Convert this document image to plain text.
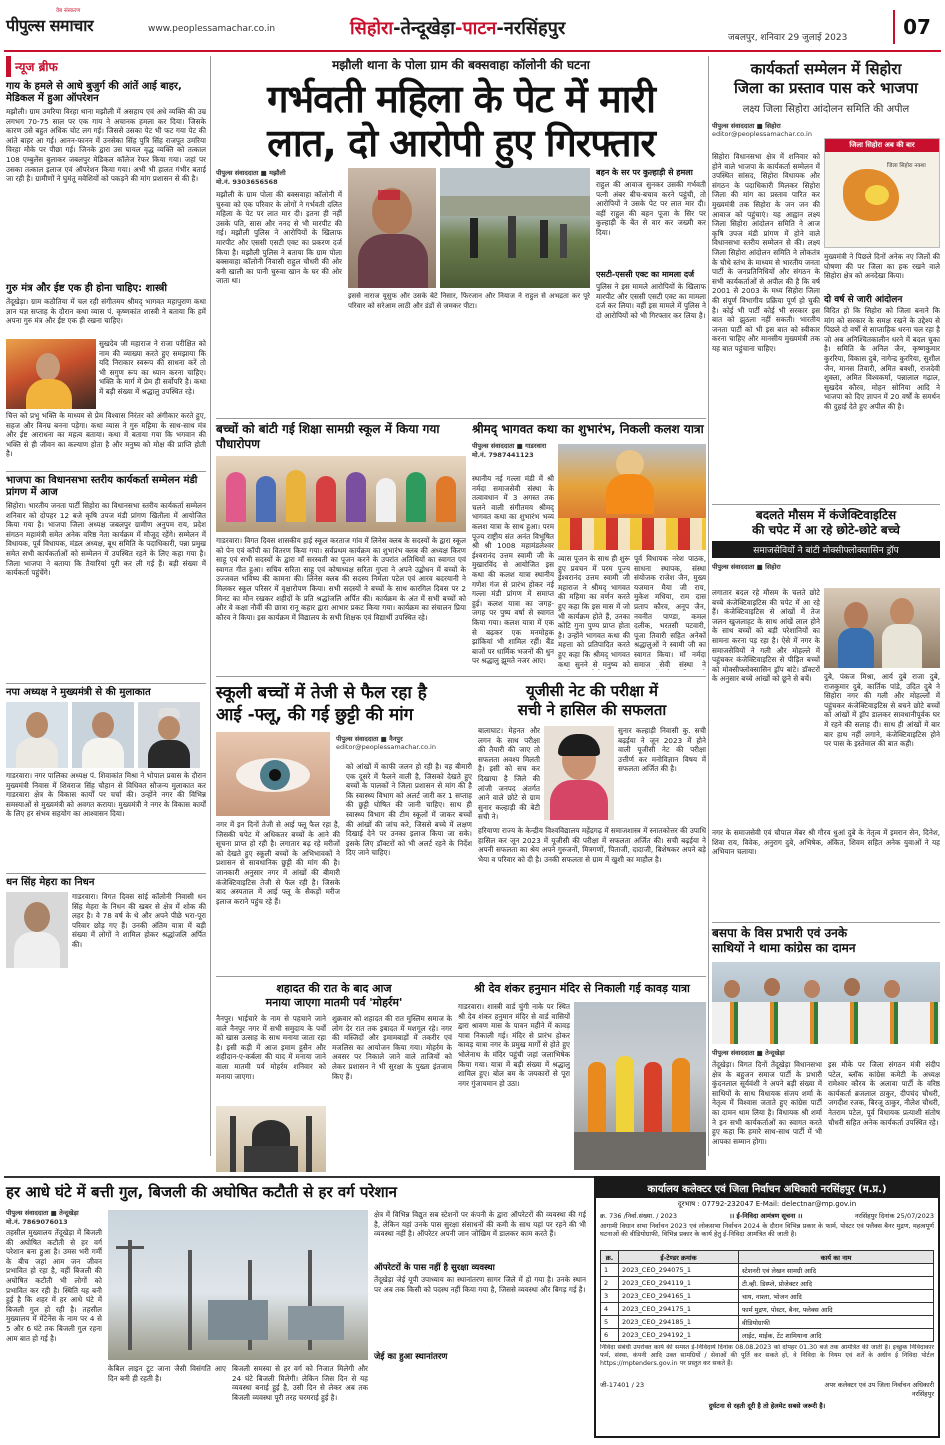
वेब संस्करण
पीपुल्स समाचार	www.peoplessamachar.co.in	सिहोरा-तेन्दूखेड़ा-पाटन-नरसिंहपुर	जबलपुर, शनिवार 29 जुलाई 2023	07
न्यूज ब्रीफ
गाय के हमले से आधे बुजुर्ग की आंतें आई बाहर, मेडिकल में हुआ ऑपरेशन
मझौली। ग्राम उमरिया विरहा थाना मझौली में असहाय एवं अधे व्यक्ति की उम्र लगभग 70-75 साल पर एक गाय ने अचानक हमला कर दिया। जिसके कारण उसे बहुत अधिक चोट लग गई। जिससे उसका पेट भी फट गया पेट की आंते बाहर आ गई। आनन-फानन में उनसेका सिंह पुत्रि सिंह राजपूत उमरिया विरहा मौके पर पीछा गई। जिनके द्वारा उस घायल वृद्ध व्यक्ति को तत्काल 108 एम्बुलेंस बुलाकर जबलपुर मेडिकल कॉलेज रेफर किया गया। जहां पर उसका तत्काल इलाज एवं ऑपरेशन किया गया। अभी भी हालत गंभीर बताई जा रही है। ग्रामीणों ने घुमंतू मवेशियों को पकड़ने की मांग प्रशासन से की है।
गुरु मंत्र और ईष्ट एक ही होना चाहिए: शास्त्री
तेंदूखेड़ा। ग्राम कठौतिया में चल रही संगीतमय श्रीमद् भागवत महापुराण कथा ज्ञान यज्ञ सप्ताह के दौरान कथा व्यास पं. कृष्णकांत शास्त्री ने बताया कि हमें अपना गुरु मंत्र और ईष्ट एक ही रखना चाहिए।
सुखदेव जी महाराज ने राजा परीक्षित को नाम की व्याख्या करते हुए समझाया कि यदि निराकार स्वरूप की साधना करें तो भी सगुण रूप का ध्यान करना चाहिए। भक्ति के मार्ग में प्रेम ही सर्वोपरि है। कथा में बड़ी संख्या में श्रद्धालु उपस्थित रहे।
चित्त को प्रभु भक्ति के माध्यम से प्रेम विश्वास निरंतर को अंगीकार करते हुए, सहज और विनम्र बनना पड़ेगा। कथा व्यास ने गुरु महिमा के साथ-साथ मंत्र और ईष्ट आराधना का महत्व बताया। कथा में बताया गया कि भगवान की भक्ति से ही जीवन का कल्याण होता है और मनुष्य को मोक्ष की प्राप्ति होती है।
भाजपा का विधानसभा स्तरीय कार्यकर्ता सम्मेलन मंडी प्रांगण में आज
सिहोरा। भारतीय जनता पार्टी सिहोरा का विधानसभा स्तरीय कार्यकर्ता सम्मेलन शनिवार को दोपहर 12 बजे कृषि उपज मंडी प्रांगण खितौला में आयोजित किया गया है। भाजपा जिला अध्यक्ष जबलपुर ग्रामीण अनुपम राय, प्रदेश संगठन महामंत्री समेत अनेक वरिष्ठ नेता कार्यक्रम में मौजूद रहेंगे। सम्मेलन में विधायक, पूर्व विधायक, मंडल अध्यक्ष, बूथ समिति के पदाधिकारी, पन्ना प्रमुख समेत सभी कार्यकर्ताओं को सम्मेलन में उपस्थित रहने के लिए कहा गया है। जिला भाजपा ने बताया कि तैयारियां पूरी कर ली गई हैं। बड़ी संख्या में कार्यकर्ता पहुंचेंगे।
नपा अध्यक्ष ने मुख्यमंत्री से की मुलाकात
गाडरवारा। नगर पालिका अध्यक्ष पं. शिवाकांत मिश्रा ने भोपाल प्रवास के दौरान मुख्यमंत्री निवास में शिवराज सिंह चौहान से विधिवत सौजन्य मुलाकात कर गाडरवारा क्षेत्र के विकास कार्यों पर चर्चा की। उन्होंने नगर की विभिन्न समस्याओं से मुख्यमंत्री को अवगत कराया। मुख्यमंत्री ने नगर के विकास कार्यों के लिए हर संभव सहयोग का आश्वासन दिया।
धन सिंह मेहरा का निधन
गाडरवारा। विगत दिवस सांई कॉलोनी निवासी धन सिंह मेहरा के निधन की खबर से क्षेत्र में शोक की लहर है। वे 78 वर्ष के थे और अपने पीछे भरा-पूरा परिवार छोड़ गए हैं। उनकी अंतिम यात्रा में बड़ी संख्या में लोगों ने शामिल होकर श्रद्धांजलि अर्पित की।
मझौली थाना के पोला ग्राम की बक्सवाहा कॉलोनी की घटना
गर्भवती महिला के पेट में मारी
लात, दो आरोपी हुए गिरफ्तार
पीपुल्स संवाददाता ■ मझौली
मो.नं. 9303656568
मझौली के ग्राम पोला की बक्सवाहा कॉलोनी में चुरुवा को एक परिवार के लोगों ने गर्भवती दलित महिला के पेट पर लात मार दी। इतना ही नहीं उसके पति, सास और ननद से भी मारपीट की गई। मझौली पुलिस ने आरोपियों के खिलाफ मारपीट और एससी एसटी एक्ट का प्रकरण दर्ज किया है। मझौली पुलिस ने बताया कि ग्राम पोला बक्सवाहा कॉलोनी निवासी राहुल चौधरी की ओर बनी खाली का पानी चुरुवा खान के घर की ओर जाता था।
इससे नाराज यूसुफ और उसके बेटे निसार, फिरजान और नियाज ने राहुल से अभद्रता कर पूरे परिवार को सरेआम लाठी और डंडों से जमकर पीटा।
बहन के सर पर कुल्हाड़ी से हमला
राहुल की आवाज सुनकर उसकी गर्भवती पत्नी अंबर बीच-बचाव करने पहुंची, तो आरोपियों ने उसके पेट पर लात मार दी। वहीं राहुल की बहन पूजा के सिर पर कुल्हाड़ी के बेंत से वार कर जख्मी कर दिया।
एसटी-एससी एक्ट का मामला दर्ज
पुलिस ने इस मामले आरोपियों के खिलाफ मारपीट और एससी एसटी एक्ट का मामला दर्ज कर लिया। वहीं इस मामले में पुलिस ने दो आरोपियों को भी गिरफ्तार कर लिया है।
कार्यकर्ता सम्मेलन में सिहोरा
जिला का प्रस्ताव पास करे भाजपा
लक्ष्य जिला सिहोरा आंदोलन समिति की अपील
पीपुल्स संवाददाता ■ सिहोरा
editor@peoplessamachar.co.in
सिहोरा विधानसभा क्षेत्र में शनिवार को होने वाले भाजपा के कार्यकर्ता सम्मेलन में उपस्थित सांसद, सिहोरा विधायक और संगठन के पदाधिकारी मिलकर सिहोरा जिला की मांग का प्रस्ताव पारित कर मुख्यमंत्री तक सिहोरा के जन जन की आवाज को पहुंचाएं। यह आह्वान लक्ष्य जिला सिहोरा आंदोलन समिति ने आज कृषि उपज मंडी प्रांगण में होने वाले विधानसभा स्तरीय सम्मेलन से की। लक्ष्य जिला सिहोरा आंदोलन समिति ने लोकतंत्र के चौथे स्तंभ के माध्यम से भारतीय जनता पार्टी के जनप्रतिनिधियों और संगठन के सभी कार्यकर्ताओं से अपील की है कि वर्ष 2001 से 2003 के मध्य सिहोरा जिला की संपूर्ण विभागीय प्रक्रिया पूर्ण हो चुकी है। कोई भी पार्टी कोई भी सरकार इस बात को झुठला नहीं सकती। भारतीय जनता पार्टी को भी इस बात को स्वीकार करना चाहिए और मानसीय मुख्यमंत्री तक यह बात पहुंचाना चाहिए।
जिला सिहोरा अब की बार
जिला सिहोरा नक्शा
मुख्यमंत्री ने पिछले दिनों अनेक नए जिलों की घोषणा की पर जिला का हक रखने वाले सिहोरा क्षेत्र को अनदेखा किया।
दो वर्ष से जारी आंदोलन
विदित हो कि सिहोरा को जिला बनाने कि मांग को सरकार के समक्ष रखने के उद्देश्य से पिछले दो वर्षों से साप्ताहिक धरना चल रहा है जो अब अनिश्चितकालीन धरने में बदल चुका है। समिति के अनिल जैन, कृष्णकुमार कुररिया, विकास दुबे, नागेन्द्र कुररिया, सुशील जैन, मानस तिवारी, अमित बक्शी, राजदेवी शुक्ला, अमित विश्वकर्मा, पन्नालाल गढ़ाल, सुखदेव कौरव, मोहन सोनिया आदि ने भाजपा को दिए ज्ञापन में 20 वर्षों के समर्थन की दुहाई देते हुए अपील की है।
बच्चों को बांटी गई शिक्षा सामग्री स्कूल में किया गया पौधारोपण
गाडरवारा। विगत दिवस शासकीय हाई स्कूल करताज गांव में लिनेस क्लब के सदस्यों के द्वारा स्कूल को पेन एवं कॉपी का वितरण किया गया। सर्वप्रथम कार्यक्रम का शुभारंभ क्लब की अध्यक्ष किरण साहू एवं सभी सदस्यों के द्वारा माँ सरस्वती का पूजन करने के उपरांत अतिथियों का स्वागत एवं स्वागत गीत हुआ। सचिव सरिता साहू एवं कोषाध्यक्ष सरिता गुप्ता ने अपने उद्बोधन में बच्चों के उज्जवल भविष्य की कामना की। लिनेस क्लब की सदस्य निर्मला पटेल एवं आरव बदरयानी ने मिलकर स्कूल परिसर में वृक्षारोपण किया। सभी सदस्यों ने बच्चों के साथ कारगिल दिवस पर 2 मिनट का मौन रखकर शहीदों के प्रति श्रद्धांजलि अर्पित की। कार्यक्रम के अंत में सभी बच्चों को और वे कक्षा नौवीं की छात्रा रानू कहार द्वारा आभार प्रकट किया गया। कार्यक्रम का संचालन प्रिया कौरव ने किया। इस कार्यक्रम में विद्यालय के सभी शिक्षक एवं विद्यार्थी उपस्थित रहे।
श्रीमद् भागवत कथा का शुभारंभ, निकली कलश यात्रा
पीपुल्स संवाददाता ■ गाडरवारा
मो.नं. 7987441123
स्थानीय नई गल्ला मंडी में श्री नर्मदा समाजसेवी संस्था के तत्वावधान में 3 अगस्त तक चलने वाली संगीतमय श्रीमद् भागवत कथा का शुभारंभ भव्य कलश यात्रा के साथ हुआ। परम पूज्य राष्ट्रीय संत अनंत विभूषित श्री श्री 1008 महामंडलेश्वर ईश्वरानंद उत्तम स्वामी जी के मुखारविंद से आयोजित इस कथा की कलश यात्रा स्थानीय गणेश गंज से प्रारंभ होकर नई गल्ला मंडी प्रांगण में समाप्त हुई। कलश यात्रा का जगह-जगह पर पुष्प वर्षा से स्वागत किया गया। कलश यात्रा में एक से बढ़कर एक मनमोहक झांकियां भी शामिल रहीं। बैंड बाजों पर धार्मिक भजनों की धुन पर श्रद्धालु झूमते नजर आए।
व्यास पूजन के साथ ही शुरू हुए प्रवचन में परम पूज्य ईश्वरानंद उत्तम स्वामी जी महाराज ने श्रीमद् भागवत की महिमा का वर्णन करते हुए कहा कि इस मास में जो भी कार्यक्रम होते हैं, उनका कोटि गुना पुण्य प्राप्त होता है। उन्होंने भागवत कथा की महत्ता को प्रतिपादित करते हुए कहा कि श्रीमद् भागवत कथा सुनने से मनुष्य को
पूर्व विधायक नरेश पाठक, साधना स्थापक, संस्था संयोजक राजेश जैन, मुख्य यजमान मैया जी राय, मुकेश मधिया, राम दास प्रताप कौरव, अनूप जैन, नवनीत पाण्डा, कमल दलीक, भरतसी पटवारी, पूजा तिवारी सहित अनेकों श्रद्धालुओं ने स्वामी जी का स्वागत किया। माँ नर्मदा समाज सेवी संस्था ने
बदलते मौसम में कंजेक्टिवाइटिस
की चपेट में आ रहे छोटे-छोटे बच्चे
समाजसेवियों ने बांटी मोक्सीफ्लोक्सासिन ड्रॉप
पीपुल्स संवाददाता ■ सिहोरा
लगातार बदल रहे मौसम के चलते छोटे बच्चे कंजेक्टिवाइटिस की चपेट में आ रहे हैं। कंजेक्टिवाइटिस से आंखों में तेज जलन खुजलाहट के साथ आंखें लाल होने के साथ बच्चों को बड़ी परेशानियों का सामना करना पड़ रहा है। ऐसे में नगर के समाजसेवियों ने गली और मोहल्ले में पहुंचकर कंजेक्टिवाइटिस से पीड़ित बच्चों को मोक्सीफ्लोक्सासिन ड्रॉप बांटे। डॉक्टरों के अनुसार बच्चे आंखों को छूने से बचें।	दुबे, पंकज मिश्रा, आर्य दुबे राजा दुबे, राजकुमार दुबे, कार्तिक पांडे, उदित दुबे ने सिहोरा नगर की गली और मोहल्लों में पहुंचकर कंजेक्टिवाइटिस से बचने छोटे बच्चों को आंखों में ड्रॉप डालकर सावधानीपूर्वक घर में रहने की सलाह दी। साथ ही आंखों में बार बार हाथ नहीं लगाने, कंजेक्टिवाइटिस होने पर पास के इस्तेमाल की बात कही।
नगर के समाजसेवी एवं चौपाल मेंबर श्री गौरव धुआं दुबे के नेतृत्व में इमरान सेन, दिनेश, शिवा राय, विवेक, अनुराग दुबे, अभिषेक, अंकित, शिवम सहित अनेक युवाओं ने यह अभियान चलाया।
स्कूली बच्चों में तेजी से फैल रहा है
आई -फ्लू, की गई छुट्टी की मांग
पीपुल्स संवाददाता ■ नैनपुर
editor@peoplessamachar.co.in
नगर में इन दिनों तेजी से आई फ्लू फैल रहा है, जिसकी चपेट में अधिकतर बच्चों के आने की सूचना प्राप्त हो रही है। लगातार बढ़ रहे मरीजों को देखते हुए स्कूली बच्चों के अभिभावकों ने प्रशासन से सावधानिक छुट्टी की मांग की है। जानकारी अनुसार नगर में आंखों की बीमारी कंजेक्टिवाइटिस तेजी से फैल रही है। जिसके बाद अस्पताल में आई फ्लू के सैकड़ों मरीज इलाज कराने पहुंच रहे हैं।
को आंखों में काफी जलन हो रही है। वह बीमारी एक दूसरे में फैलने वाली है, जिसको देखते हुए बच्चों के पालकों ने जिला प्रशासन से मांग की है कि स्वास्थ्य विभाग को अलर्ट जारी कर 1 सप्ताह की छुट्टी घोषित की जानी चाहिए। साथ ही स्वास्थ्य विभाग की टीम स्कूलों में जाकर बच्चों की आंखों की जांच करे, जिससे बच्चे में लक्षण दिखाई देने पर उनका इलाज किया जा सके। इसके लिए डॉक्टरों को भी अलर्ट रहने के निर्देश दिए जाने चाहिए।
यूजीसी नेट की परीक्षा में
सची ने हासिल की सफलता
बालाघाट। मेहनत और लगन के साथ परीक्षा की तैयारी की जाए तो सफलता अवश्य मिलती है। इसी को सच कर दिखाया है जिले की लांजी जनपद अंतर्गत आने वाले छोटे से ग्राम सुनार कल्हाड़ी की बेटी सची ने।
सुनार कल्हाड़ी निवासी कु. सची बढ़ईया ने जून 2023 में होने वाली यूजीसी नेट की परीक्षा उत्तीर्ण कर मनोविज्ञान विषय में सफलता अर्जित की है।
हरियाणा राज्य के केन्द्रीय विश्वविद्यालय महेंद्रगढ़ में समाजशास्त्र में स्नातकोत्तर की उपाधि हासिल कर जून 2023 में यूजीसी की परीक्षा में सफलता अर्जित की। सची बढ़ईया ने अपनी सफलता का श्रेय अपने गुरुजनों, मित्रगणों, पिताजी, दादाजी, बिशेषकर अपने बड़े भैया व परिवार को दी है। उनकी सफलता से ग्राम में खुशी का माहौल है।
बसपा के विस प्रभारी एवं उनके
साथियों ने थामा कांग्रेस का दामन
पीपुल्स संवाददाता ■ तेन्दूखेड़ा
तेंदूखेड़ा। विगत दिनों तेंदूखेड़ा विधानसभा क्षेत्र के बहुजन समाज पार्टी के प्रभारी कुंदनलाल सूर्यवंशी ने अपने बड़ी संख्या में साथियों के साथ विधायक संजय शर्मा के नेतृत्व में विश्वास जताते हुए कांग्रेस पार्टी का दामन थाम लिया है। विधायक श्री शर्मा ने इन सभी कार्यकर्ताओं का स्वागत करते हुए कहा कि हमारे साथ-साथ पार्टी में भी आपका सम्मान होगा।
इस मौके पर जिला संगठन मंत्री संदीप पटेल, ब्लॉक कांग्रेस कमेटी के अध्यक्ष रामेश्वर कौरव के अलावा पार्टी के वरिष्ठ कार्यकर्ता ब्रजलाल ठाकुर, दीपचंद चौधरी, जगदीश रजक, बिरजू ठाकुर, नीलेश चौधरी, नेतराम पटेल, पूर्व विधायक प्रत्याशी संतोष चौधरी सहित अनेक कार्यकर्ता उपस्थित रहे।
शहादत की रात के बाद आज
मनाया जाएगा मातमी पर्व 'मोहर्रम'
नैनपुर। भाईचारे के नाम से पहचाने जाने वाले नैनपुर नगर में सभी समुदाय के पर्वों को खास उत्साह के साथ मनाया जाता रहा है। इसी कड़ी में आज इमाम हुसैन और शहीदान-ए-कर्बला की याद में मनाया जाने वाला मातमी पर्व मोहर्रम शनिवार को मनाया जाएगा।
शुक्रवार को शहादत की रात मुस्लिम समाज के लोग देर रात तक इबादत में मशगूल रहे। नगर की मस्जिदों और इमामबाड़ों में तकरीर एवं मजलिस का आयोजन किया गया। मोहर्रम के अवसर पर निकाले जाने वाले ताजियों को लेकर प्रशासन ने भी सुरक्षा के पुख्ता इंतजाम किए हैं।
श्री देव शंकर हनुमान मंदिर से निकाली गई कावड़ यात्रा
गाडरवारा। शास्त्री वार्ड चुंगी नाके पर स्थित श्री देव शंकर हनुमान मंदिर से वार्ड वासियों द्वारा श्रावण मास के पावन महीने में कावड़ यात्रा निकाली गई। मंदिर से प्रारंभ होकर कावड़ यात्रा नगर के प्रमुख मार्गों से होते हुए भोलेनाथ के मंदिर पहुंची जहां जलाभिषेक किया गया। यात्रा में बड़ी संख्या में श्रद्धालु शामिल हुए। बोल बम के जयकारों से पूरा नगर गुंजायमान हो उठा।
हर आधे घंटे में बत्ती गुल, बिजली की अघोषित कटौती से हर वर्ग परेशान
पीपुल्स संवाददाता ■ तेन्दूखेड़ा
मो.नं. 7869076013
तहसील मुख्यालय तेंदूखेड़ा में बिजली की अघोषित कटौती से हर वर्ग परेशान बना हुआ है। उमस भरी गर्मी के बीच जहां आम जन जीवन प्रभावित हो रहा है, वहीं बिजली की अघोषित कटौती भी लोगों को प्रभावित कर रही है। स्थिति यह बनी हुई है कि शहर में हर आधे घंटे में बिजली गुल हो रही है। तहसील मुख्यालय में मेंटेनेंस के नाम पर 4 से 5 और 6 घंटे तक बिजली गुल रहना आम बात हो गई है।
केबिल लाइन टूट जाना जैसी विसंगति आए दिन बनी ही रहती है।
बिजली समस्या से हर वर्ग को निजात मिलेगी और 24 घंटे बिजली मिलेगी। लेकिन जिस दिन से यह व्यवस्था बनाई हुई है, उसी दिन से लेकर अब तक बिजली व्यवस्था पूरी तरह चरमराई हुई है।
क्षेत्र में विभिन्न विद्युत सब स्टेशनों पर कंपनी के द्वारा ऑपरेटरों की व्यवस्था की गई है, लेकिन यहां उनके पास सुरक्षा संसाधनों की कमी के साथ यहां पर रहने की भी व्यवस्था नहीं है। ऑपरेटर अपनी जान जोखिम में डालकर काम करते हैं।
ऑपरेटरों के पास नहीं है सुरक्षा व्यवस्था
तेंदूखेड़ा जेई यूपी उपाध्याय का स्थानांतरण सागर जिले में हो गया है। उनके स्थान पर अब तक किसी को पदस्थ नहीं किया गया है, जिससे व्यवस्था और बिगड़ गई है।
जेई का हुआ स्थानांतरण
कार्यालय कलेक्टर एवं जिला निर्वाचन अधिकारी नरसिंहपुर (म.प्र.)
दूरभाष : 07792-232047 E-Mail: delectnar@mp.gov.in
क्र. 736 /निर्वा.संख्या. / 2023	।। ई-निविदा आमंत्रण सूचना ।।	नरसिंहपुर दिनांक 25/07/2023
आगामी विधान सभा निर्वाचन 2023 एवं लोकसभा निर्वाचन 2024 के दौरान विभिन्न प्रकार के फार्म, पोस्टर एवं फ्लैक्स बैनर मुद्रण, महत्वपूर्ण घटनाओं की वीडियोग्राफी, विभिन्न प्रकार के कार्य हेतु ई-निविदा आमंत्रित की जाती है।
क्र.	ई-टेण्डर क्रमांक	कार्य का नाम
1	2023_CEO_294075_1	स्टेशनरी एवं लेखन सामग्री आदि
2	2023_CEO_294119_1	टी.व्ही. डिस्प्ले, प्रोजेक्टर आदि
3	2023_CEO_294165_1	चाय, नाश्ता, भोजन आदि
4	2023_CEO_294175_1	फार्म मुद्रण, पोस्टर, बैनर, फ्लेक्स आदि
5	2023_CEO_294185_1	वीडियोग्राफी
6	2023_CEO_294192_1	लाईट, माईक, टेंट शामियाना आदि
निविदा संबंधी उपरोक्त कार्य की समस्त ई-निविदायें दिनांक 08.08.2023 को दोपहर 01.30 बजे तक आमंत्रित की जाती है। इच्छुक निविदाकार फर्म, संस्था, कंपनी आदि उक्त सामग्रियों / सेवाओं की पूर्ति कर सकते हों, वे निविदा के नियम एवं शर्तें के अधीन ई निविदा पोर्टल https://mptenders.gov.in पर प्रस्तुत कर सकते हैं।
जी-17401 / 23	अपर कलेक्टर एवं उप जिला निर्वाचन अधिकारी
नरसिंहपुर
दुर्घटना से रहती दूरी है तो हेलमेट सबसे जरूरी है।
